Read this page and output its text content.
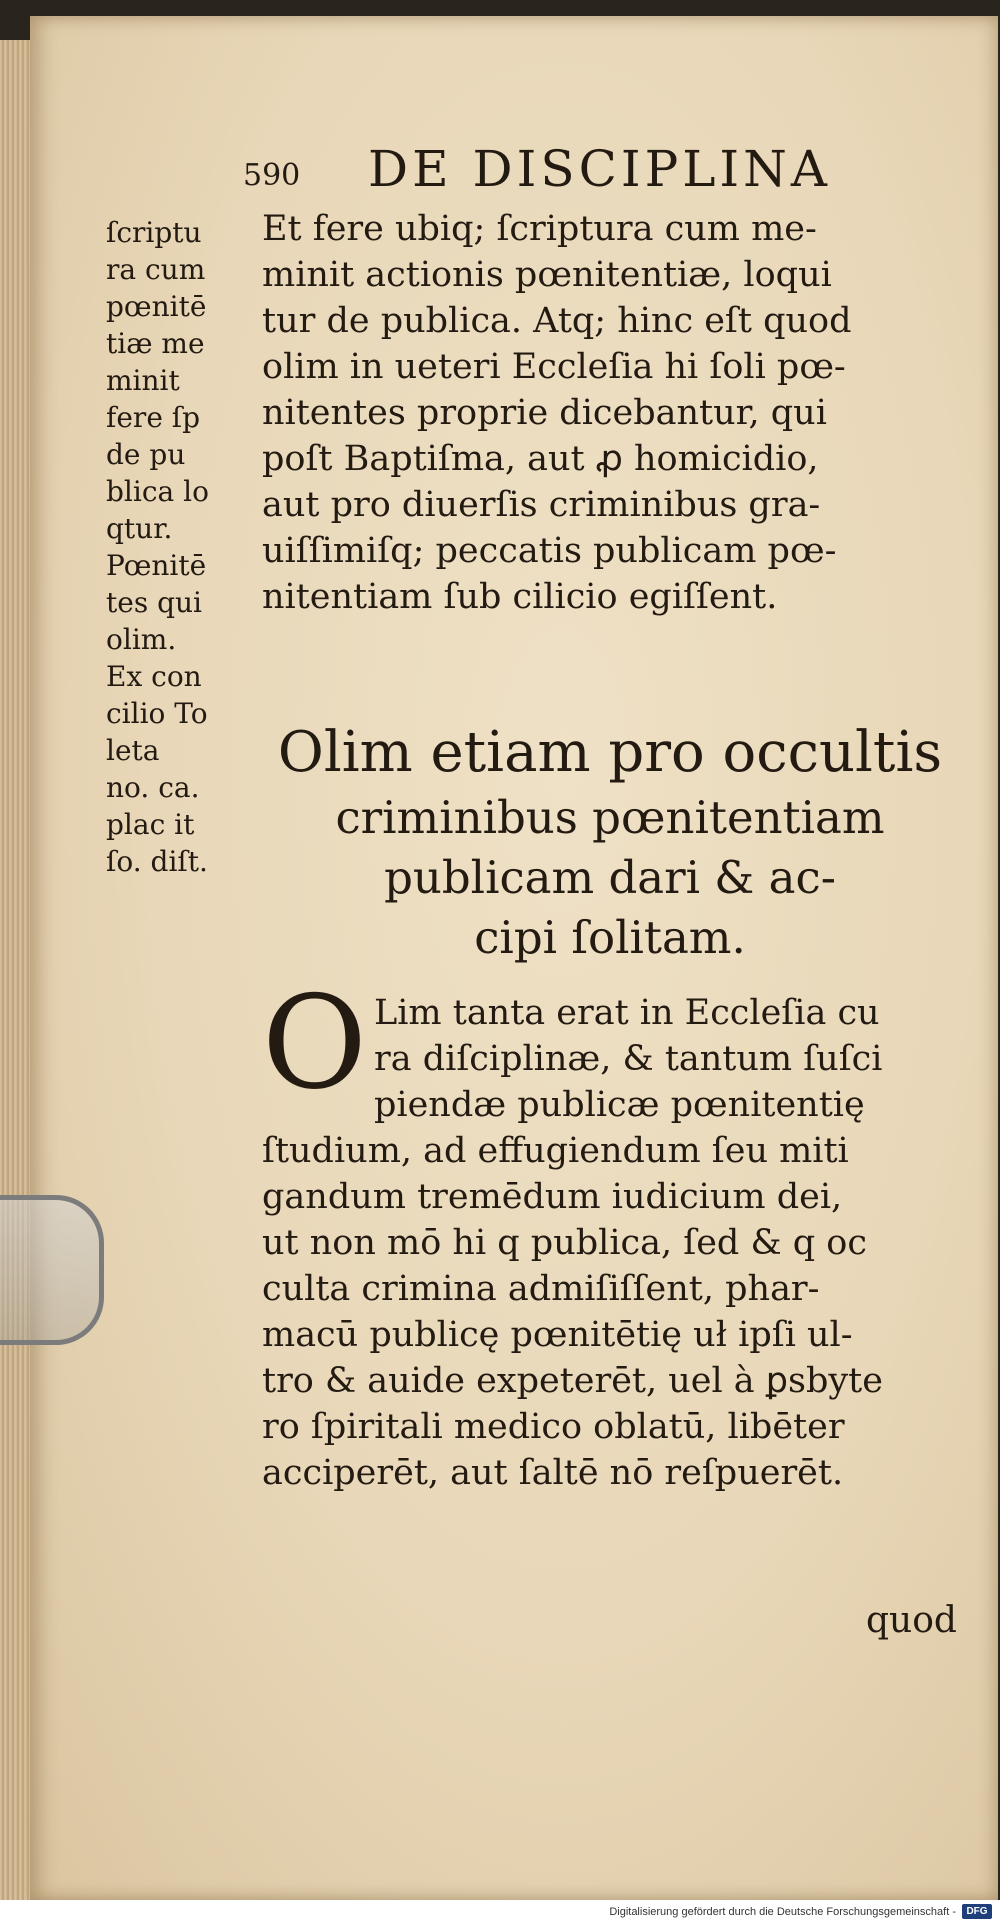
590 DE DISCIPLINA
ſcriptu
ra cum
pœnitē
tiæ me
minit
fere ſp
de pu
blica lo
qtur.
Pœnitē
tes qui
olim.
Ex con
cilio To
leta
no. ca.
plac it
ſo. diſt.
Et fere ubiq; ſcriptura cum me-
minit actionis pœnitentiæ, loqui
tur de publica. Atq; hinc eſt quod
olim in ueteri Eccleſia hi ſoli pœ-
nitentes proprie dicebantur, qui
poſt Baptiſma, aut ꝓ homicidio,
aut pro diuerſis criminibus gra-
uiſſimiſq; peccatis publicam pœ-
nitentiam ſub cilicio egiſſent.
Olim etiam pro occultis
criminibus pœnitentiam
publicam dari & ac-
cipi ſolitam.
O Lim tanta erat in Eccleſia cu
ra diſciplinæ, & tantum ſuſci
piendæ publicæ pœnitentię
ſtudium, ad effugiendum ſeu miti
gandum tremēdum iudicium dei,
ut non mō hi q publica, ſed & q oc
culta crimina admiſiſſent, phar-
macū publicę pœnitētię uł ipſi ul-
tro & auide expeterēt, uel à ꝑsbyte
ro ſpiritali medico oblatū, libēter
acciperēt, aut ſaltē nō reſpuerēt.
quod
Digitalisierung gefördert durch die Deutsche Forschungsgemeinschaft -	DFG
